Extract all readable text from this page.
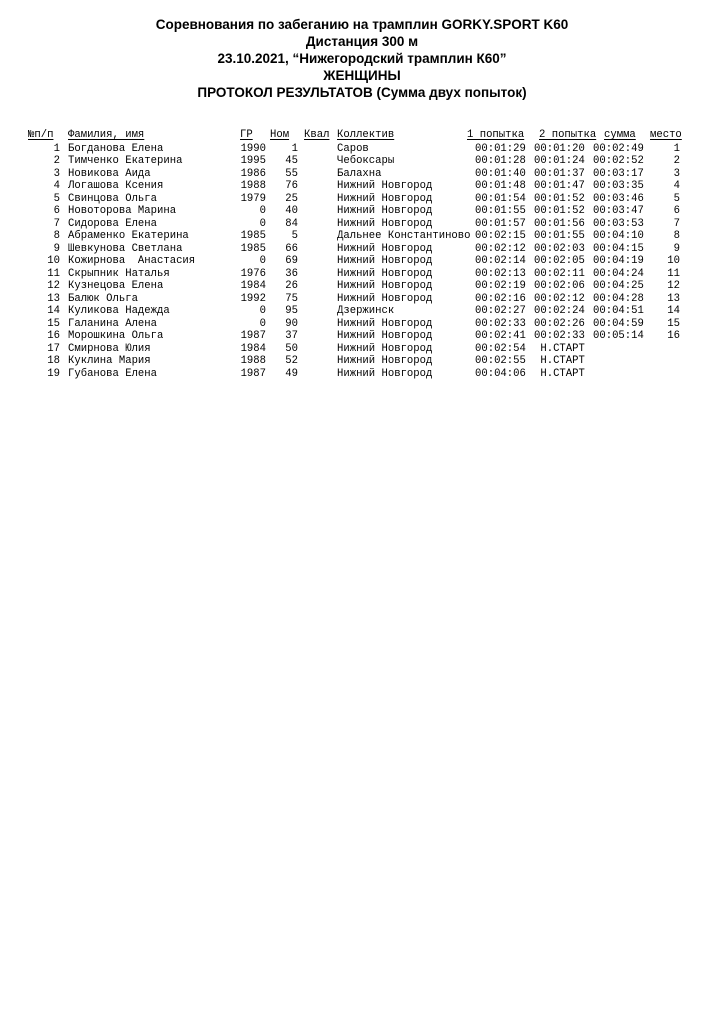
Соревнования по забеганию на трамплин GORKY.SPORT K60
Дистанция 300 м
23.10.2021, “Нижегородский трамплин К60”
ЖЕНЩИНЫ
ПРОТОКОЛ РЕЗУЛЬТАТОВ (Сумма двух попыток)
№п/п Фамилия, имя	ГР Ном Квал Коллектив	1 попытка 2 попытка сумма место
1 Богданова Елена	1990	1	Саров	00:01:29 00:01:20 00:02:49	1
2 Тимченко Екатерина	1995	45	Чебоксары	00:01:28 00:01:24 00:02:52	2
3 Новикова Аида	1986	55	Балахна	00:01:40 00:01:37 00:03:17	3
4 Логашова Ксения	1988	76	Нижний Новгород	00:01:48 00:01:47 00:03:35	4
5 Свинцова Ольга	1979	25	Нижний Новгород	00:01:54 00:01:52 00:03:46	5
6 Новоторова Марина	0	40	Нижний Новгород	00:01:55 00:01:52 00:03:47	6
7 Сидорова Елена	0	84	Нижний Новгород	00:01:57 00:01:56 00:03:53	7
8 Абраменко Екатерина	1985	5	Дальнее Константиново 00:02:15 00:01:55 00:04:10	8
9 Шевкунова Светлана	1985	66	Нижний Новгород	00:02:12 00:02:03 00:04:15	9
10 Кожирнова  Анастасия	0	69	Нижний Новгород	00:02:14 00:02:05 00:04:19	10
11 Скрыпник Наталья	1976	36	Нижний Новгород	00:02:13 00:02:11 00:04:24	11
12 Кузнецова Елена	1984	26	Нижний Новгород	00:02:19 00:02:06 00:04:25	12
13 Балюк Ольга	1992	75	Нижний Новгород	00:02:16 00:02:12 00:04:28	13
14 Куликова Надежда	0	95	Дзержинск	00:02:27 00:02:24 00:04:51	14
15 Галанина Алена	0	90	Нижний Новгород	00:02:33 00:02:26 00:04:59	15
16 Морошкина Ольга	1987	37	Нижний Новгород	00:02:41 00:02:33 00:05:14	16
17 Смирнова Юлия	1984	50	Нижний Новгород	00:02:54 Н.СТАРТ
18 Куклина Мария	1988	52	Нижний Новгород	00:02:55 Н.СТАРТ
19 Губанова Елена	1987	49	Нижний Новгород	00:04:06 Н.СТАРТ
